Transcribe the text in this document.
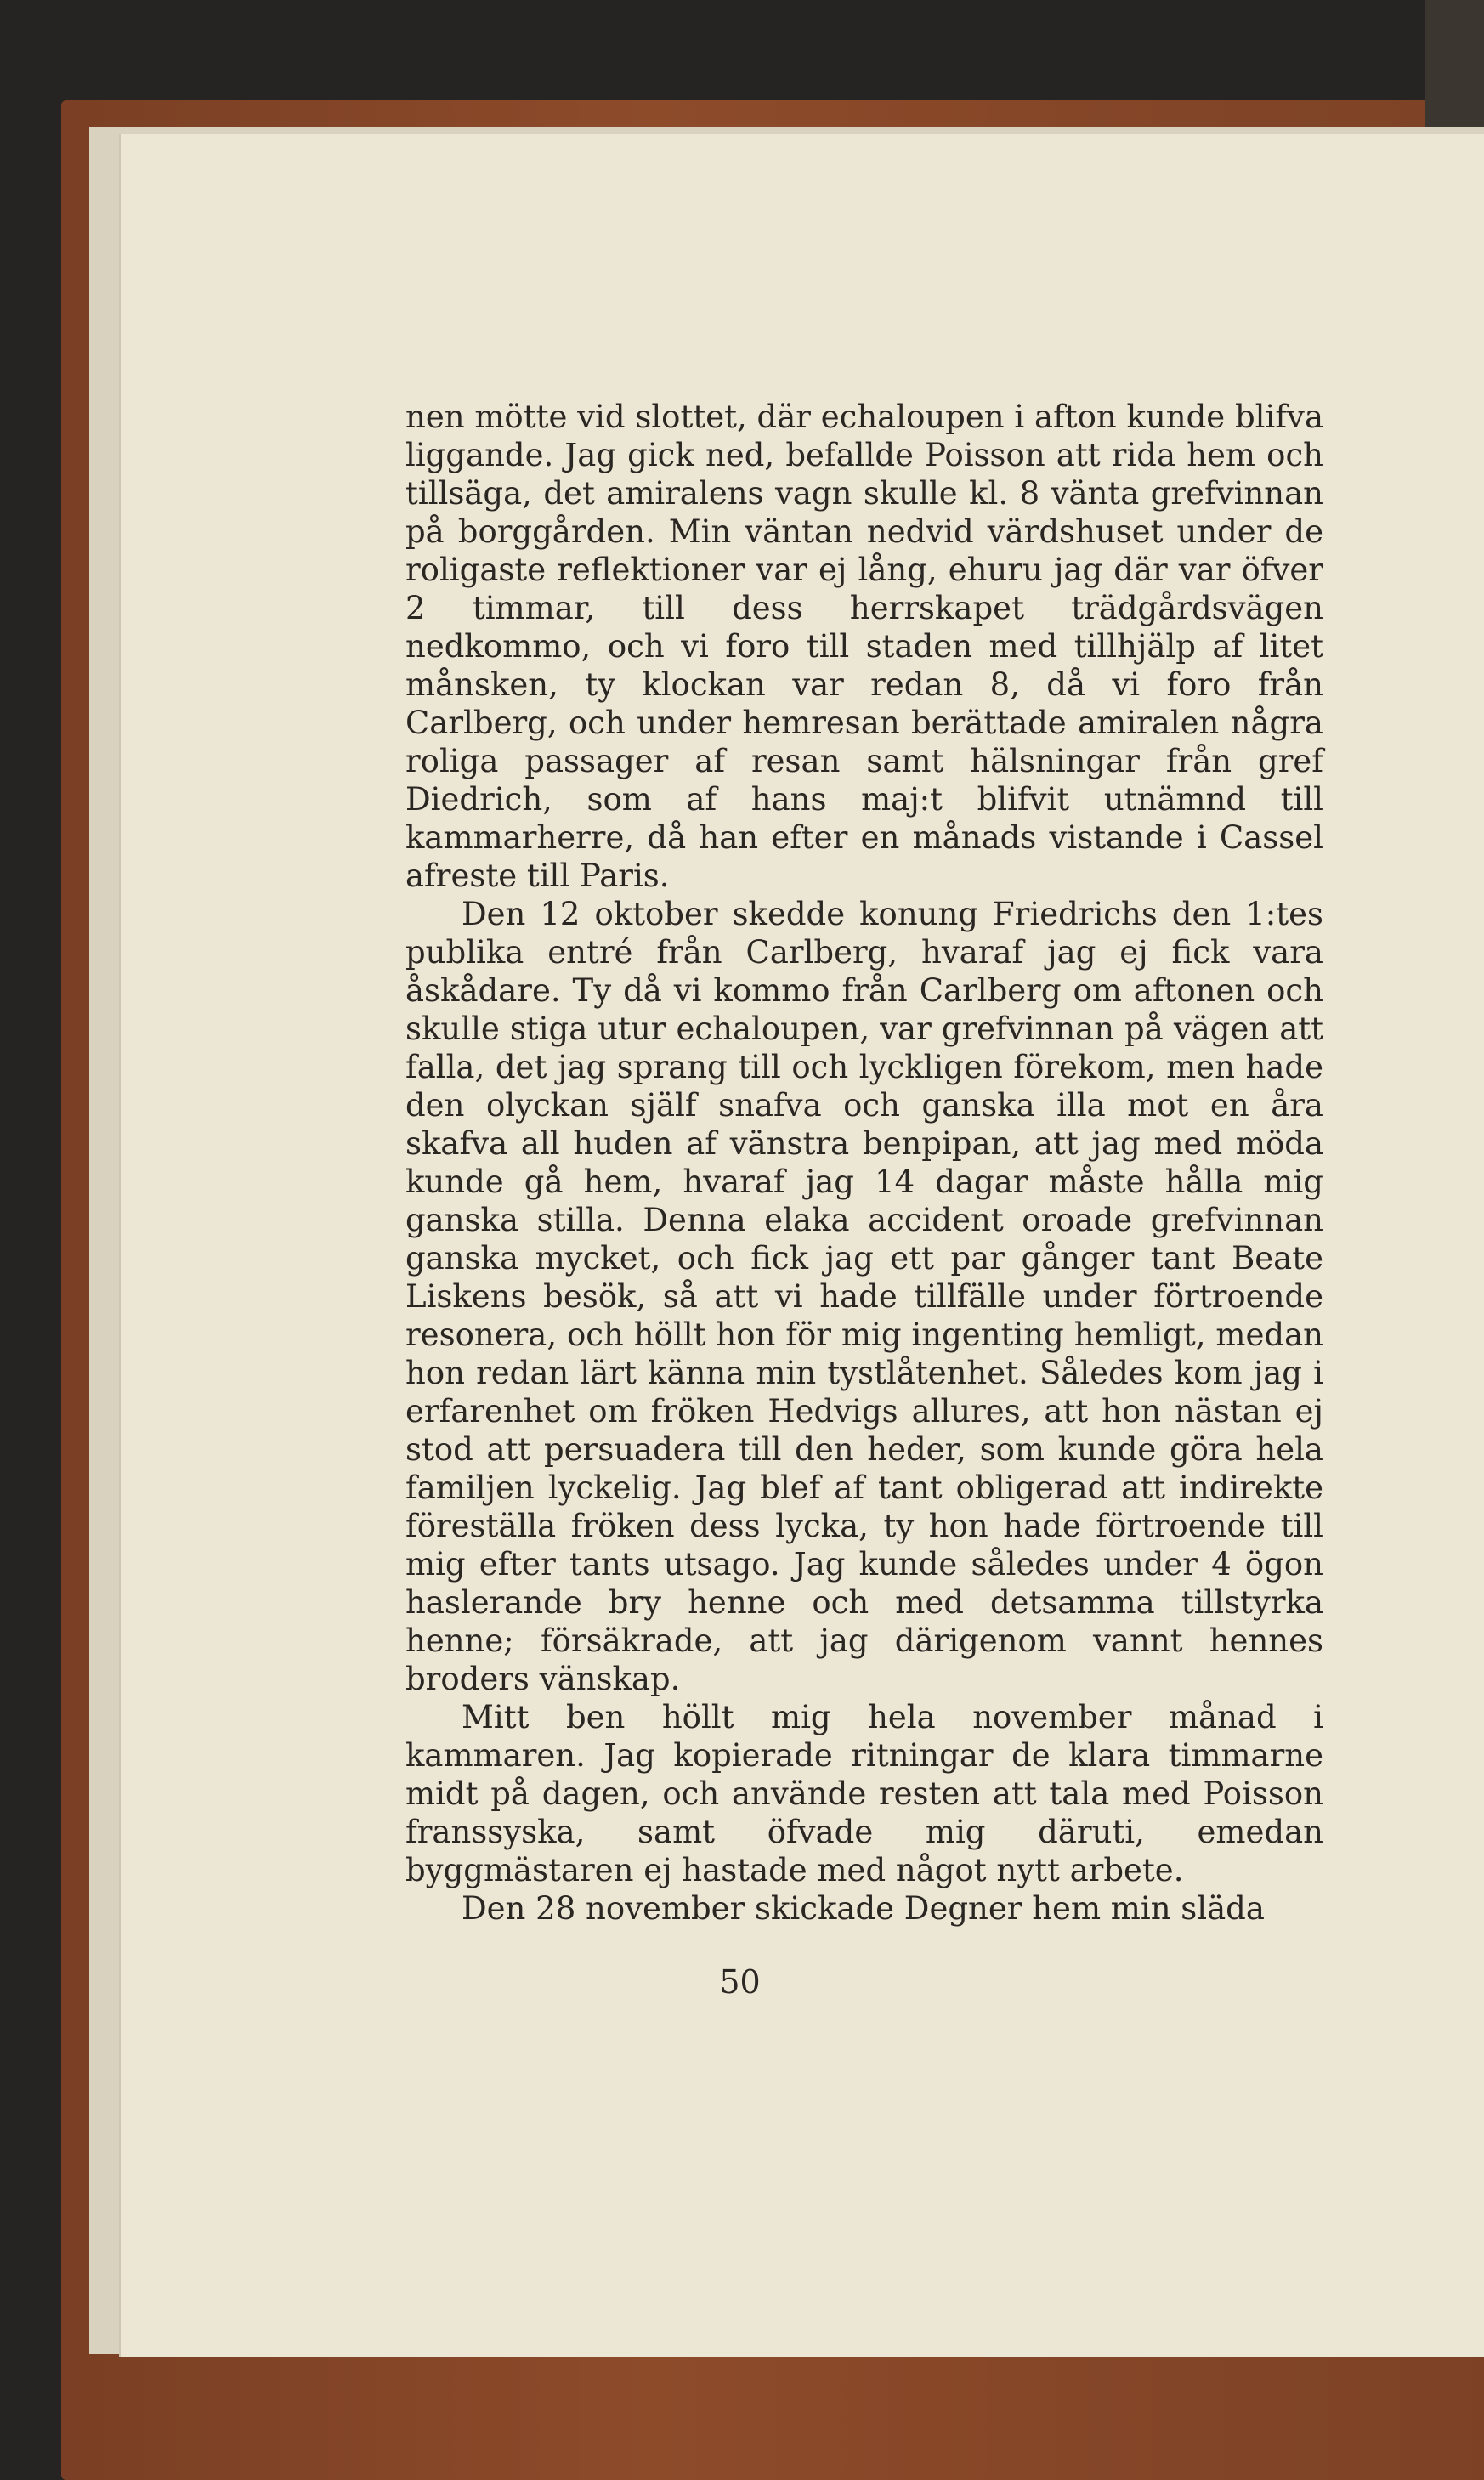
nen mötte vid slottet, där echaloupen i afton kunde blifva liggande. Jag gick ned, befallde Poisson att rida hem och tillsäga, det amiralens vagn skulle kl. 8 vänta grefvinnan på borggården. Min väntan nedvid värdshuset under de roligaste reflektioner var ej lång, ehuru jag där var öfver 2 timmar, till dess herrskapet trädgårdsvägen nedkommo, och vi foro till staden med tillhjälp af litet månsken, ty klockan var redan 8, då vi foro från Carlberg, och under hemresan berättade amiralen några roliga passager af resan samt hälsningar från gref Diedrich, som af hans maj:t blifvit utnämnd till kammarherre, då han efter en månads vistande i Cassel afreste till Paris.

Den 12 oktober skedde konung Friedrichs den 1:tes publika entré från Carlberg, hvaraf jag ej fick vara åskådare. Ty då vi kommo från Carlberg om aftonen och skulle stiga utur echaloupen, var grefvinnan på vägen att falla, det jag sprang till och lyckligen förekom, men hade den olyckan själf snafva och ganska illa mot en åra skafva all huden af vänstra benpipan, att jag med möda kunde gå hem, hvaraf jag 14 dagar måste hålla mig ganska stilla. Denna elaka accident oroade grefvinnan ganska mycket, och fick jag ett par gånger tant Beate Liskens besök, så att vi hade tillfälle under förtroende resonera, och höllt hon för mig ingenting hemligt, medan hon redan lärt känna min tystlåtenhet. Således kom jag i erfarenhet om fröken Hedvigs allures, att hon nästan ej stod att persuadera till den heder, som kunde göra hela familjen lyckelig. Jag blef af tant obligerad att indirekte föreställa fröken dess lycka, ty hon hade förtroende till mig efter tants utsago. Jag kunde således under 4 ögon haslerande bry henne och med detsamma tillstyrka henne; försäkrade, att jag därigenom vannt hennes broders vänskap.

Mitt ben höllt mig hela november månad i kammaren. Jag kopierade ritningar de klara timmarne midt på dagen, och använde resten att tala med Poisson franssyska, samt öfvade mig däruti, emedan byggmästaren ej hastade med något nytt arbete.

Den 28 november skickade Degner hem min släda

50
